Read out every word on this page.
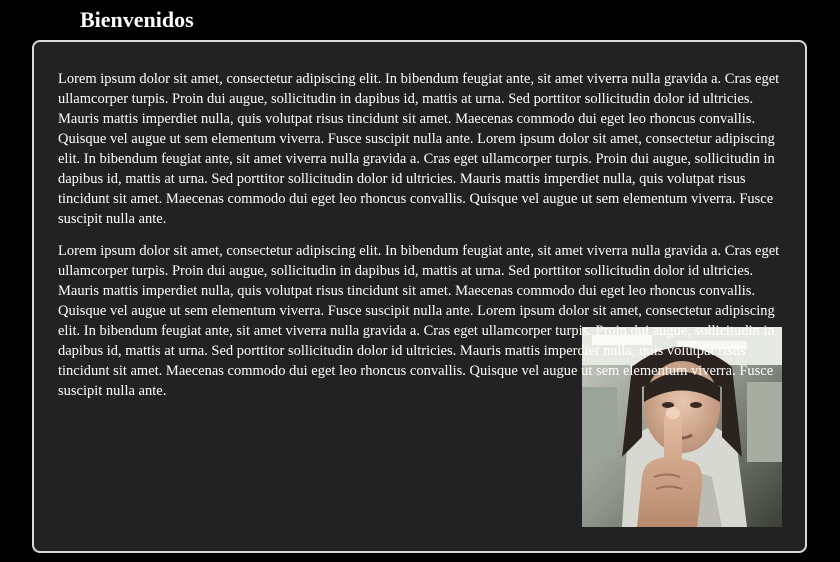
Bienvenidos

Lorem ipsum dolor sit amet, consectetur adipiscing elit. In bibendum feugiat ante, sit amet viverra nulla gravida a. Cras eget ullamcorper turpis. Proin dui augue, sollicitudin in dapibus id, mattis at urna. Sed porttitor sollicitudin dolor id ultricies. Mauris mattis imperdiet nulla, quis volutpat risus tincidunt sit amet. Maecenas commodo dui eget leo rhoncus convallis. Quisque vel augue ut sem elementum viverra. Fusce suscipit nulla ante. Lorem ipsum dolor sit amet, consectetur adipiscing elit. In bibendum feugiat ante, sit amet viverra nulla gravida a. Cras eget ullamcorper turpis. Proin dui augue, sollicitudin in dapibus id, mattis at urna. Sed porttitor sollicitudin dolor id ultricies. Mauris mattis imperdiet nulla, quis volutpat risus tincidunt sit amet. Maecenas commodo dui eget leo rhoncus convallis. Quisque vel augue ut sem elementum viverra. Fusce suscipit nulla ante.

Lorem ipsum dolor sit amet, consectetur adipiscing elit. In bibendum feugiat ante, sit amet viverra nulla gravida a. Cras eget ullamcorper turpis. Proin dui augue, sollicitudin in dapibus id, mattis at urna. Sed porttitor sollicitudin dolor id ultricies. Mauris mattis imperdiet nulla, quis volutpat risus tincidunt sit amet. Maecenas commodo dui eget leo rhoncus convallis. Quisque vel augue ut sem elementum viverra. Fusce suscipit nulla ante. Lorem ipsum dolor sit amet, consectetur adipiscing elit. In bibendum feugiat ante, sit amet viverra nulla gravida a. Cras eget ullamcorper turpis. Proin dui augue, sollicitudin in dapibus id, mattis at urna. Sed porttitor sollicitudin dolor id ultricies. Mauris mattis imperdiet nulla, quis volutpat risus tincidunt sit amet. Maecenas commodo dui eget leo rhoncus convallis. Quisque vel augue ut sem elementum viverra. Fusce suscipit nulla ante.
